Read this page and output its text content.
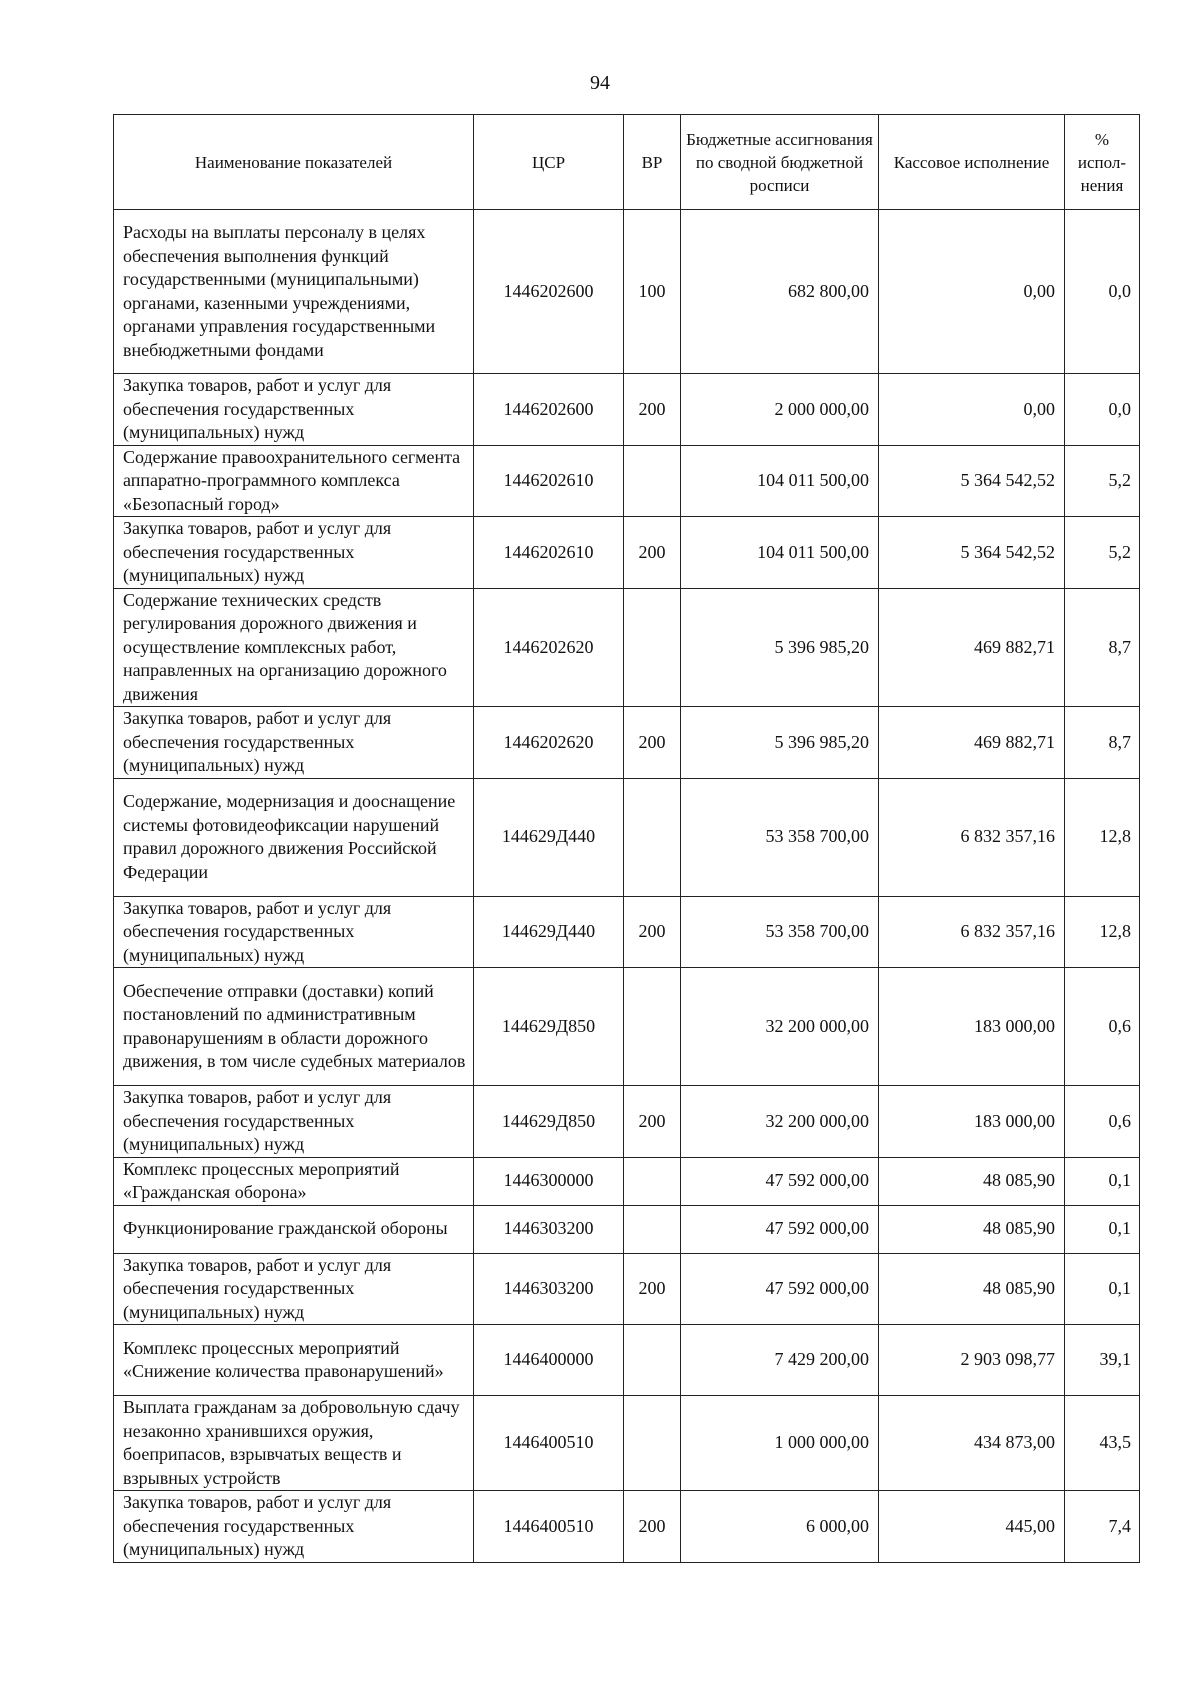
94
Наименование показателей	ЦСР	ВР	Бюджетные ассигнования по сводной бюджетной росписи	Кассовое исполнение	% испол-нения
Расходы на выплаты персоналу в целях обеспечения выполнения функций государственными (муниципальными) органами, казенными учреждениями, органами управления государственными внебюджетными фондами	1446202600	100	682 800,00	0,00	0,0
Закупка товаров, работ и услуг для обеспечения государственных (муниципальных) нужд	1446202600	200	2 000 000,00	0,00	0,0
Содержание правоохранительного сегмента аппаратно-программного комплекса «Безопасный город»	1446202610		104 011 500,00	5 364 542,52	5,2
Закупка товаров, работ и услуг для обеспечения государственных (муниципальных) нужд	1446202610	200	104 011 500,00	5 364 542,52	5,2
Содержание технических средств регулирования дорожного движения и осуществление комплексных работ, направленных на организацию дорожного движения	1446202620		5 396 985,20	469 882,71	8,7
Закупка товаров, работ и услуг для обеспечения государственных (муниципальных) нужд	1446202620	200	5 396 985,20	469 882,71	8,7
Содержание, модернизация и дооснащение системы фотовидеофиксации нарушений правил дорожного движения Российской Федерации	144629Д440		53 358 700,00	6 832 357,16	12,8
Закупка товаров, работ и услуг для обеспечения государственных (муниципальных) нужд	144629Д440	200	53 358 700,00	6 832 357,16	12,8
Обеспечение отправки (доставки) копий постановлений по административным правонарушениям в области дорожного движения, в том числе судебных материалов	144629Д850		32 200 000,00	183 000,00	0,6
Закупка товаров, работ и услуг для обеспечения государственных (муниципальных) нужд	144629Д850	200	32 200 000,00	183 000,00	0,6
Комплекс процессных мероприятий «Гражданская оборона»	1446300000		47 592 000,00	48 085,90	0,1
Функционирование гражданской обороны	1446303200		47 592 000,00	48 085,90	0,1
Закупка товаров, работ и услуг для обеспечения государственных (муниципальных) нужд	1446303200	200	47 592 000,00	48 085,90	0,1
Комплекс процессных мероприятий «Снижение количества правонарушений»	1446400000		7 429 200,00	2 903 098,77	39,1
Выплата гражданам за добровольную сдачу незаконно хранившихся оружия, боеприпасов, взрывчатых веществ и взрывных устройств	1446400510		1 000 000,00	434 873,00	43,5
Закупка товаров, работ и услуг для обеспечения государственных (муниципальных) нужд	1446400510	200	6 000,00	445,00	7,4
